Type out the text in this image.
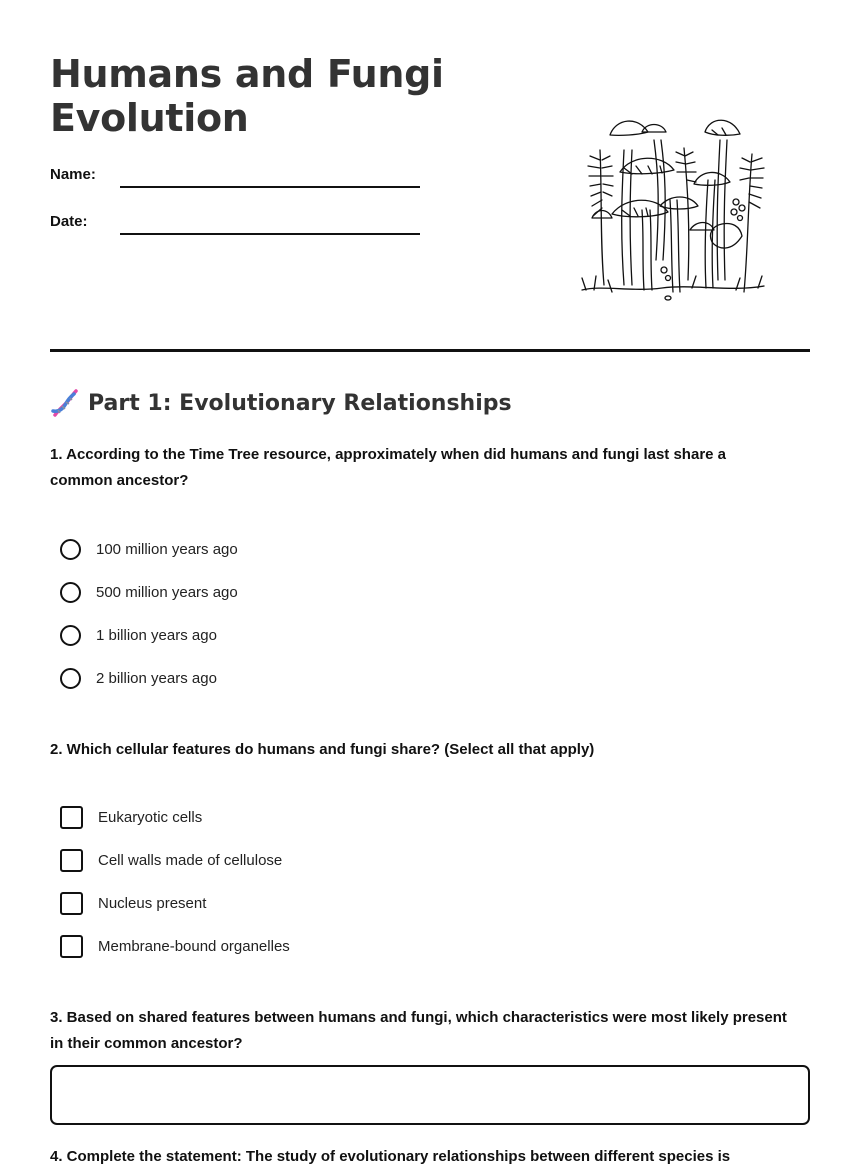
Humans and Fungi
Evolution
Name:
Date:
Part 1: Evolutionary Relationships

1. According to the Time Tree resource, approximately when did humans and fungi last share a common ancestor?

100 million years ago
500 million years ago
1 billion years ago
2 billion years ago

2. Which cellular features do humans and fungi share? (Select all that apply)

Eukaryotic cells
Cell walls made of cellulose
Nucleus present
Membrane-bound organelles

3. Based on shared features between humans and fungi, which characteristics were most likely present in their common ancestor?

4. Complete the statement: The study of evolutionary relationships between different species is
